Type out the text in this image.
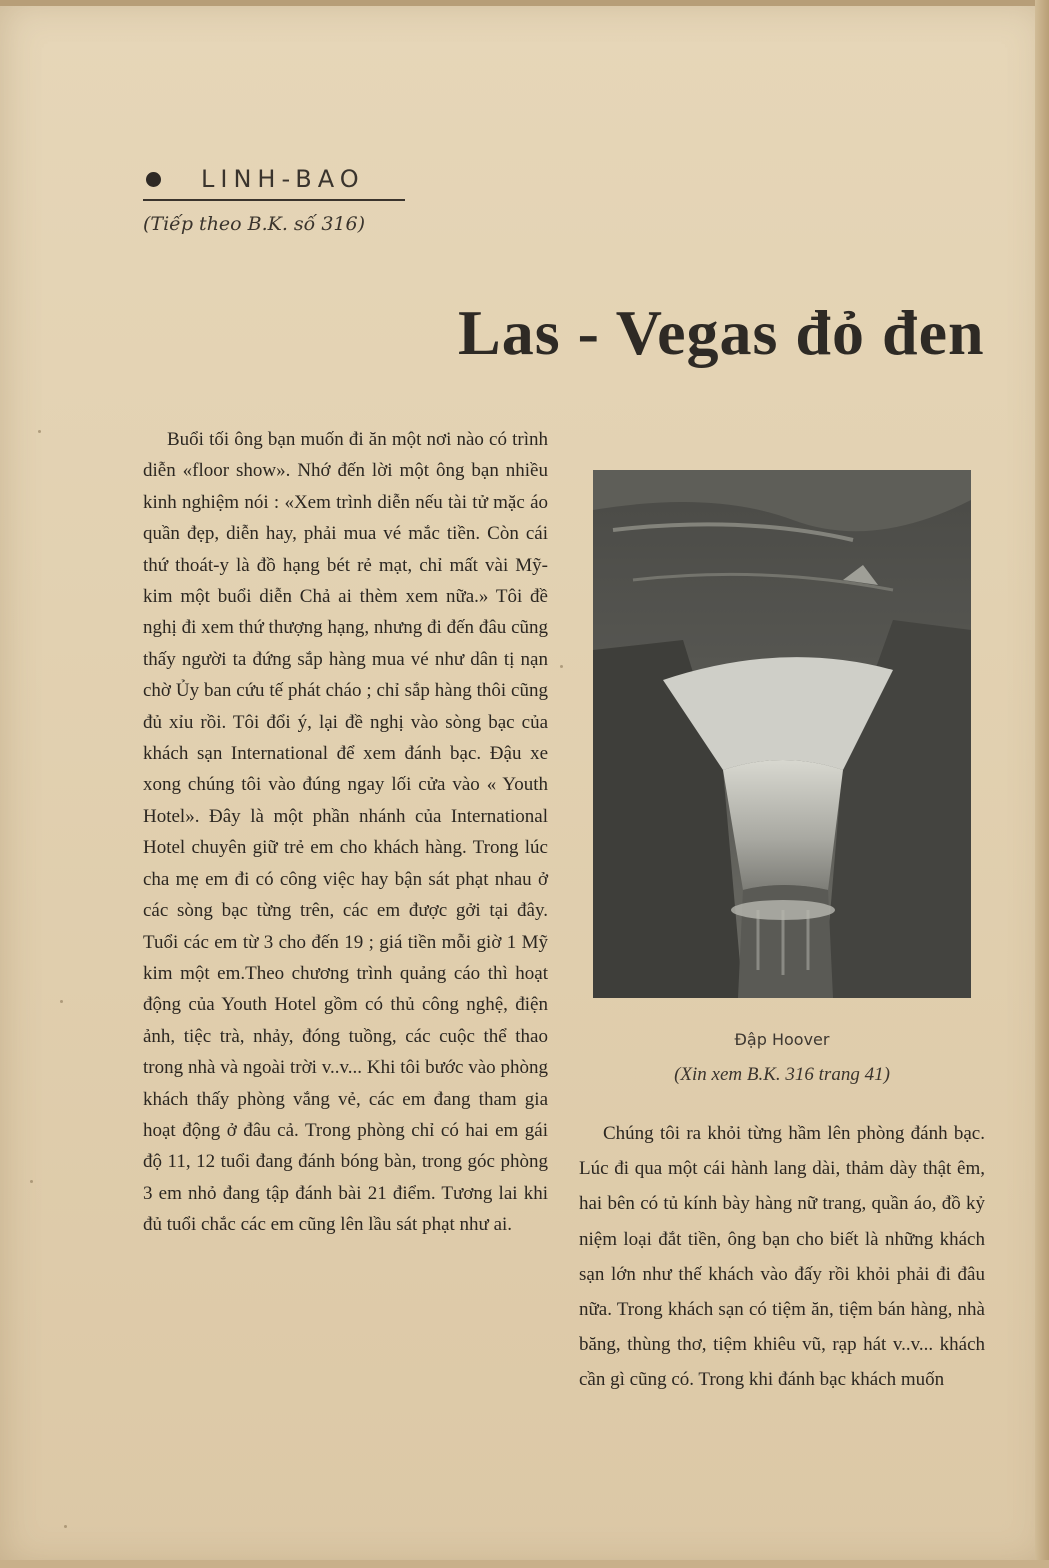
LINH-BAO
(Tiếp theo B.K. số 316)
Las - Vegas đỏ đen

Buổi tối ông bạn muốn đi ăn một nơi nào có trình diễn «floor show». Nhớ đến lời một ông bạn nhiều kinh nghiệm nói : «Xem trình diễn nếu tài tử mặc áo quần đẹp, diễn hay, phải mua vé mắc tiền. Còn cái thứ thoát-y là đồ hạng bét rẻ mạt, chỉ mất vài Mỹ-kim một buổi diễn Chả ai thèm xem nữa.» Tôi đề nghị đi xem thứ thượng hạng, nhưng đi đến đâu cũng thấy người ta đứng sắp hàng mua vé như dân tị nạn chờ Ủy ban cứu tế phát cháo ; chỉ sắp hàng thôi cũng đủ xỉu rồi. Tôi đổi ý, lại đề nghị vào sòng bạc của khách sạn International để xem đánh bạc. Đậu xe xong chúng tôi vào đúng ngay lối cửa vào « Youth Hotel». Đây là một phần nhánh của International Hotel chuyên giữ trẻ em cho khách hàng. Trong lúc cha mẹ em đi có công việc hay bận sát phạt nhau ở các sòng bạc từng trên, các em được gởi tại đây. Tuổi các em từ 3 cho đến 19 ; giá tiền mỗi giờ 1 Mỹ kim một em.Theo chương trình quảng cáo thì hoạt động của Youth Hotel gồm có thủ công nghệ, điện ảnh, tiệc trà, nhảy, đóng tuồng, các cuộc thể thao trong nhà và ngoài trời v..v... Khi tôi bước vào phòng khách thấy phòng vắng vẻ, các em đang tham gia hoạt động ở đâu cả. Trong phòng chỉ có hai em gái độ 11, 12 tuổi đang đánh bóng bàn, trong góc phòng 3 em nhỏ đang tập đánh bài 21 điểm. Tương lai khi đủ tuổi chắc các em cũng lên lầu sát phạt như ai.

Đập Hoover
(Xin xem B.K. 316 trang 41)

Chúng tôi ra khỏi từng hầm lên phòng đánh bạc. Lúc đi qua một cái hành lang dài, thảm dày thật êm, hai bên có tủ kính bày hàng nữ trang, quần áo, đồ kỷ niệm loại đắt tiền, ông bạn cho biết là những khách sạn lớn như thế khách vào đấy rồi khỏi phải đi đâu nữa. Trong khách sạn có tiệm ăn, tiệm bán hàng, nhà băng, thùng thơ, tiệm khiêu vũ, rạp hát v..v... khách cần gì cũng có. Trong khi đánh bạc khách muốn
